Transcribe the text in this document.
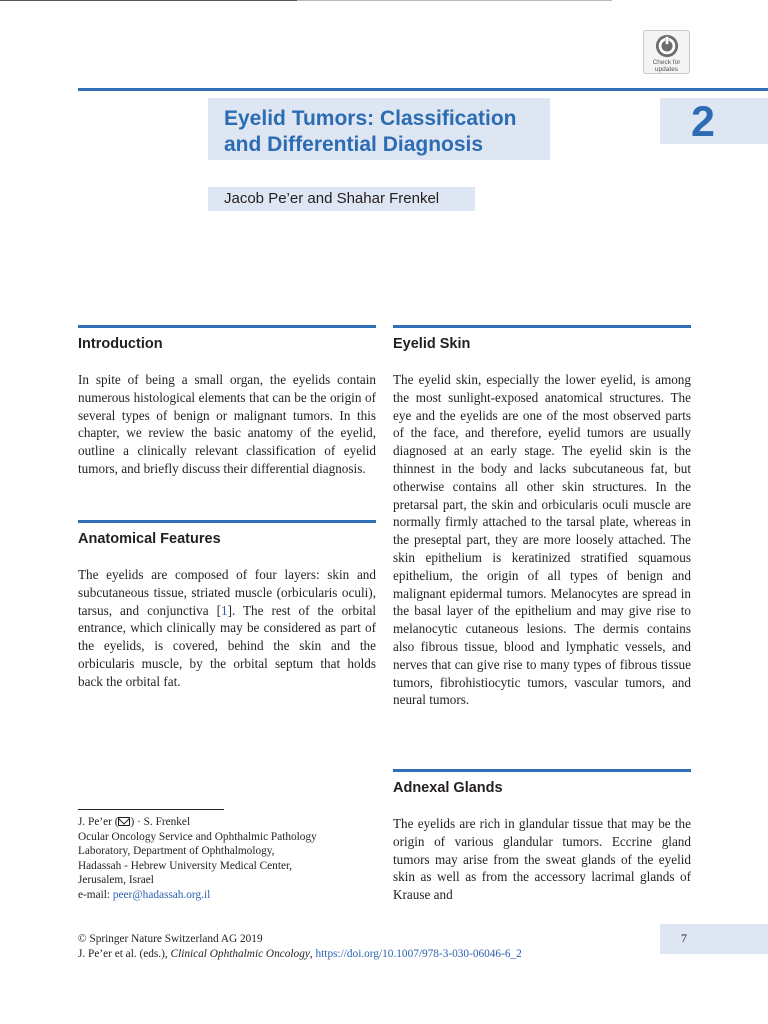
Check for
updates
Eyelid Tumors: Classification
and Differential Diagnosis	2
Jacob Pe’er and Shahar Frenkel
Introduction
In spite of being a small organ, the eyelids contain numerous histological elements that can be the origin of several types of benign or malignant tumors. In this chapter, we review the basic anatomy of the eyelid, outline a clinically relevant classification of eyelid tumors, and briefly discuss their differential diagnosis.
Anatomical Features
The eyelids are composed of four layers: skin and subcutaneous tissue, striated muscle (orbicularis oculi), tarsus, and conjunctiva [1]. The rest of the orbital entrance, which clinically may be considered as part of the eyelids, is covered, behind the skin and the orbicularis muscle, by the orbital septum that holds back the orbital fat.
Eyelid Skin
The eyelid skin, especially the lower eyelid, is among the most sunlight-exposed anatomical structures. The eye and the eyelids are one of the most observed parts of the face, and therefore, eyelid tumors are usually diagnosed at an early stage. The eyelid skin is the thinnest in the body and lacks subcutaneous fat, but otherwise contains all other skin structures. In the pretarsal part, the skin and orbicularis oculi muscle are normally firmly attached to the tarsal plate, whereas in the preseptal part, they are more loosely attached. The skin epithelium is keratinized stratified squamous epithelium, the origin of all types of benign and malignant epidermal tumors. Melanocytes are spread in the basal layer of the epithelium and may give rise to melanocytic cutaneous lesions. The dermis contains also fibrous tissue, blood and lymphatic vessels, and nerves that can give rise to many types of fibrous tissue tumors, fibrohistiocytic tumors, vascular tumors, and neural tumors.
Adnexal Glands
The eyelids are rich in glandular tissue that may be the origin of various glandular tumors. Eccrine gland tumors may arise from the sweat glands of the eyelid skin as well as from the accessory lacrimal glands of Krause and
J. Pe’er ( ) · S. Frenkel
Ocular Oncology Service and Ophthalmic Pathology
Laboratory, Department of Ophthalmology,
Hadassah - Hebrew University Medical Center,
Jerusalem, Israel
e-mail: peer@hadassah.org.il
© Springer Nature Switzerland AG 2019
J. Pe’er et al. (eds.), Clinical Ophthalmic Oncology, https://doi.org/10.1007/978-3-030-06046-6_2
7
